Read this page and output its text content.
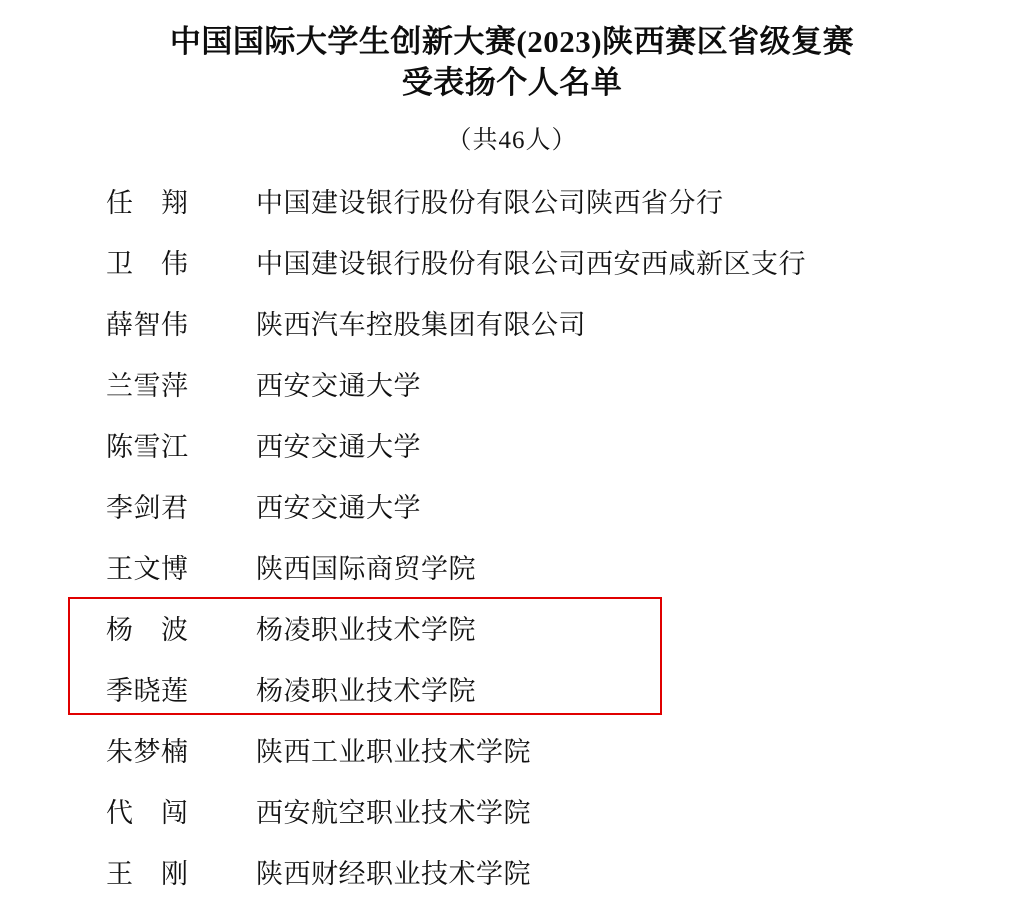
中国国际大学生创新大赛(2023)陕西赛区省级复赛
受表扬个人名单
（共46人）
任　翔	中国建设银行股份有限公司陕西省分行
卫　伟	中国建设银行股份有限公司西安西咸新区支行
薛智伟	陕西汽车控股集团有限公司
兰雪萍	西安交通大学
陈雪江	西安交通大学
李剑君	西安交通大学
王文博	陕西国际商贸学院
杨　波	杨凌职业技术学院
季晓莲	杨凌职业技术学院
朱梦楠	陕西工业职业技术学院
代　闯	西安航空职业技术学院
王　刚	陕西财经职业技术学院
